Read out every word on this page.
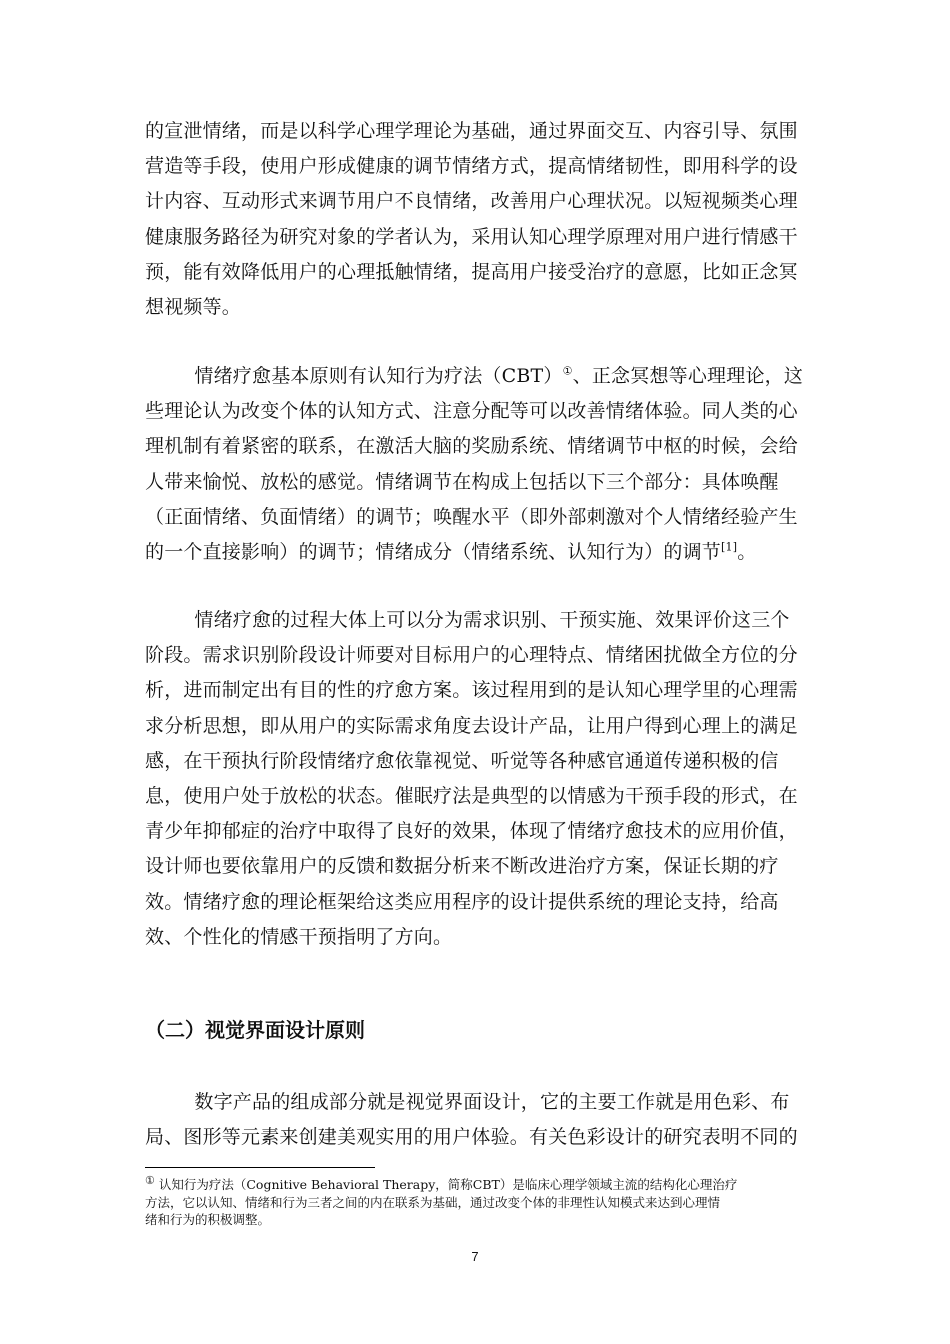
的宣泄情绪，而是以科学心理学理论为基础，通过界面交互、内容引导、氛围
营造等手段，使用户形成健康的调节情绪方式，提高情绪韧性，即用科学的设
计内容、互动形式来调节用户不良情绪，改善用户心理状况。以短视频类心理
健康服务路径为研究对象的学者认为，采用认知心理学原理对用户进行情感干
预，能有效降低用户的心理抵触情绪，提高用户接受治疗的意愿，比如正念冥
想视频等。

情绪疗愈基本原则有认知行为疗法（CBT）①、正念冥想等心理理论，这
些理论认为改变个体的认知方式、注意分配等可以改善情绪体验。同人类的心
理机制有着紧密的联系，在激活大脑的奖励系统、情绪调节中枢的时候，会给
人带来愉悦、放松的感觉。情绪调节在构成上包括以下三个部分：具体唤醒
（正面情绪、负面情绪）的调节；唤醒水平（即外部刺激对个人情绪经验产生
的一个直接影响）的调节；情绪成分（情绪系统、认知行为）的调节[1]。

情绪疗愈的过程大体上可以分为需求识别、干预实施、效果评价这三个
阶段。需求识别阶段设计师要对目标用户的心理特点、情绪困扰做全方位的分
析，进而制定出有目的性的疗愈方案。该过程用到的是认知心理学里的心理需
求分析思想，即从用户的实际需求角度去设计产品，让用户得到心理上的满足
感，在干预执行阶段情绪疗愈依靠视觉、听觉等各种感官通道传递积极的信
息，使用户处于放松的状态。催眠疗法是典型的以情感为干预手段的形式，在
青少年抑郁症的治疗中取得了良好的效果，体现了情绪疗愈技术的应用价值，
设计师也要依靠用户的反馈和数据分析来不断改进治疗方案，保证长期的疗
效。情绪疗愈的理论框架给这类应用程序的设计提供系统的理论支持，给高
效、个性化的情感干预指明了方向。

（二）视觉界面设计原则

数字产品的组成部分就是视觉界面设计，它的主要工作就是用色彩、布
局、图形等元素来创建美观实用的用户体验。有关色彩设计的研究表明不同的

① 认知行为疗法（Cognitive Behavioral Therapy，简称CBT）是临床心理学领域主流的结构化心理治疗
方法，它以认知、情绪和行为三者之间的内在联系为基础，通过改变个体的非理性认知模式来达到心理情
绪和行为的积极调整。

7
